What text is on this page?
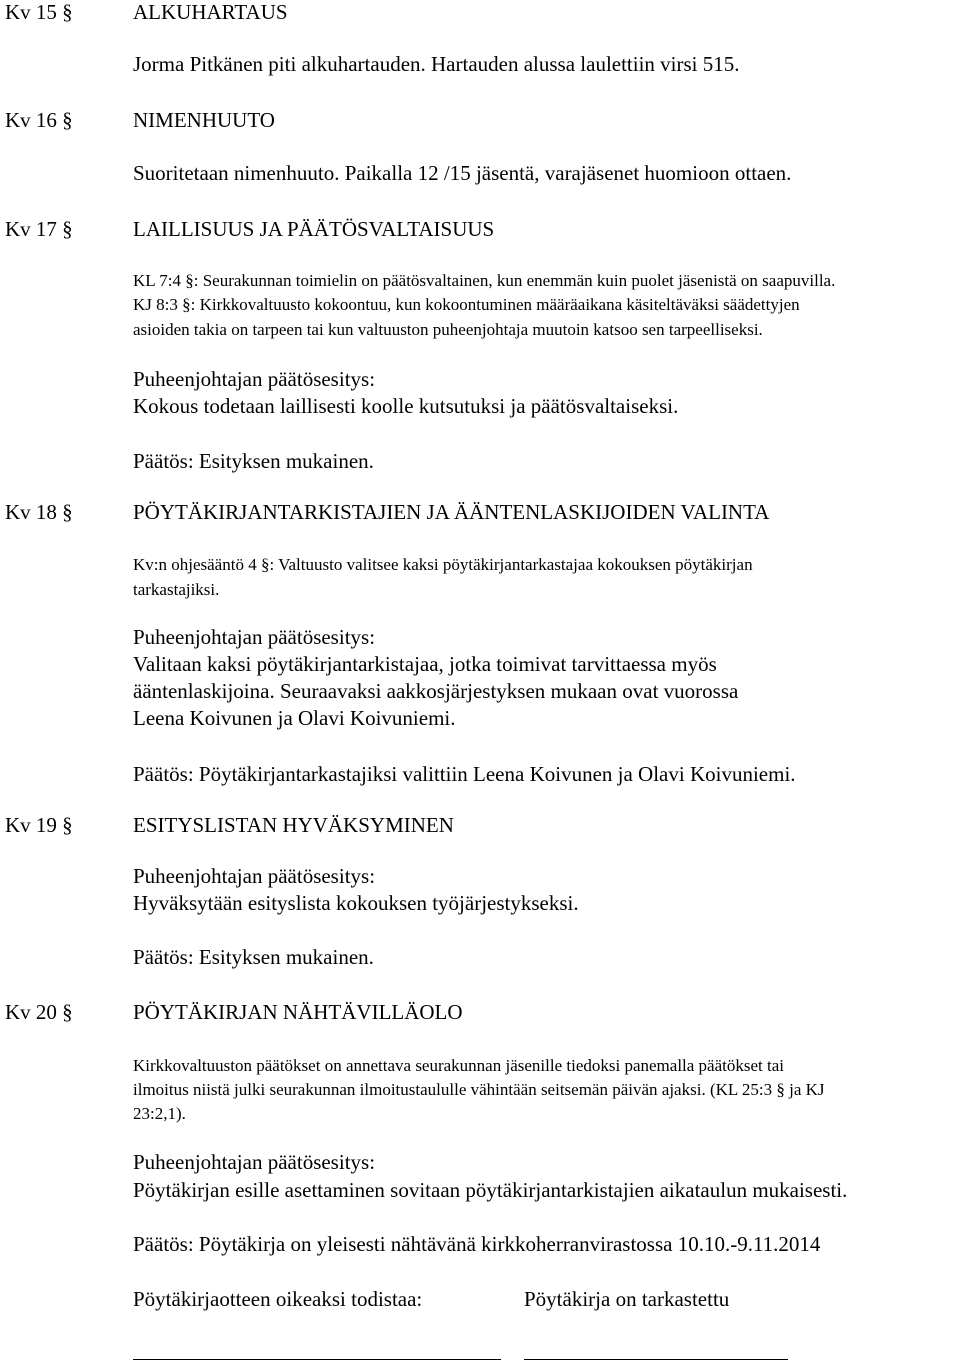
Kv 15 §	ALKUHARTAUS
Jorma Pitkänen piti alkuhartauden. Hartauden alussa laulettiin virsi 515.
Kv 16 §	NIMENHUUTO
Suoritetaan nimenhuuto. Paikalla 12 /15 jäsentä, varajäsenet huomioon ottaen.
Kv 17 §	LAILLISUUS JA PÄÄTÖSVALTAISUUS
KL 7:4 §: Seurakunnan toimielin on päätösvaltainen, kun enemmän kuin puolet jäsenistä on saapuvilla.
KJ 8:3 §: Kirkkovaltuusto kokoontuu, kun kokoontuminen määräaikana käsiteltäväksi säädettyjen
asioiden takia on tarpeen tai kun valtuuston puheenjohtaja muutoin katsoo sen tarpeelliseksi.
Puheenjohtajan päätösesitys:
Kokous todetaan laillisesti koolle kutsutuksi ja päätösvaltaiseksi.
Päätös: Esityksen mukainen.
Kv 18 §	PÖYTÄKIRJANTARKISTAJIEN JA ÄÄNTENLASKIJOIDEN VALINTA
Kv:n ohjesääntö 4 §: Valtuusto valitsee kaksi pöytäkirjantarkastajaa kokouksen pöytäkirjan
tarkastajiksi.
Puheenjohtajan päätösesitys:
Valitaan kaksi pöytäkirjantarkistajaa, jotka toimivat tarvittaessa myös
ääntenlaskijoina. Seuraavaksi aakkosjärjestyksen mukaan ovat vuorossa
Leena Koivunen ja Olavi Koivuniemi.
Päätös: Pöytäkirjantarkastajiksi valittiin Leena Koivunen ja Olavi Koivuniemi.
Kv 19 §	ESITYSLISTAN HYVÄKSYMINEN
Puheenjohtajan päätösesitys:
Hyväksytään esityslista kokouksen työjärjestykseksi.
Päätös: Esityksen mukainen.
Kv 20 §	PÖYTÄKIRJAN NÄHTÄVILLÄOLO
Kirkkovaltuuston päätökset on annettava seurakunnan jäsenille tiedoksi panemalla päätökset tai
ilmoitus niistä julki seurakunnan ilmoitustaululle vähintään seitsemän päivän ajaksi. (KL 25:3 § ja KJ
23:2,1).
Puheenjohtajan päätösesitys:
Pöytäkirjan esille asettaminen sovitaan pöytäkirjantarkistajien aikataulun mukaisesti.
Päätös: Pöytäkirja on yleisesti nähtävänä kirkkoherranvirastossa 10.10.-9.11.2014
Pöytäkirjaotteen oikeaksi todistaa:	Pöytäkirja on tarkastettu
